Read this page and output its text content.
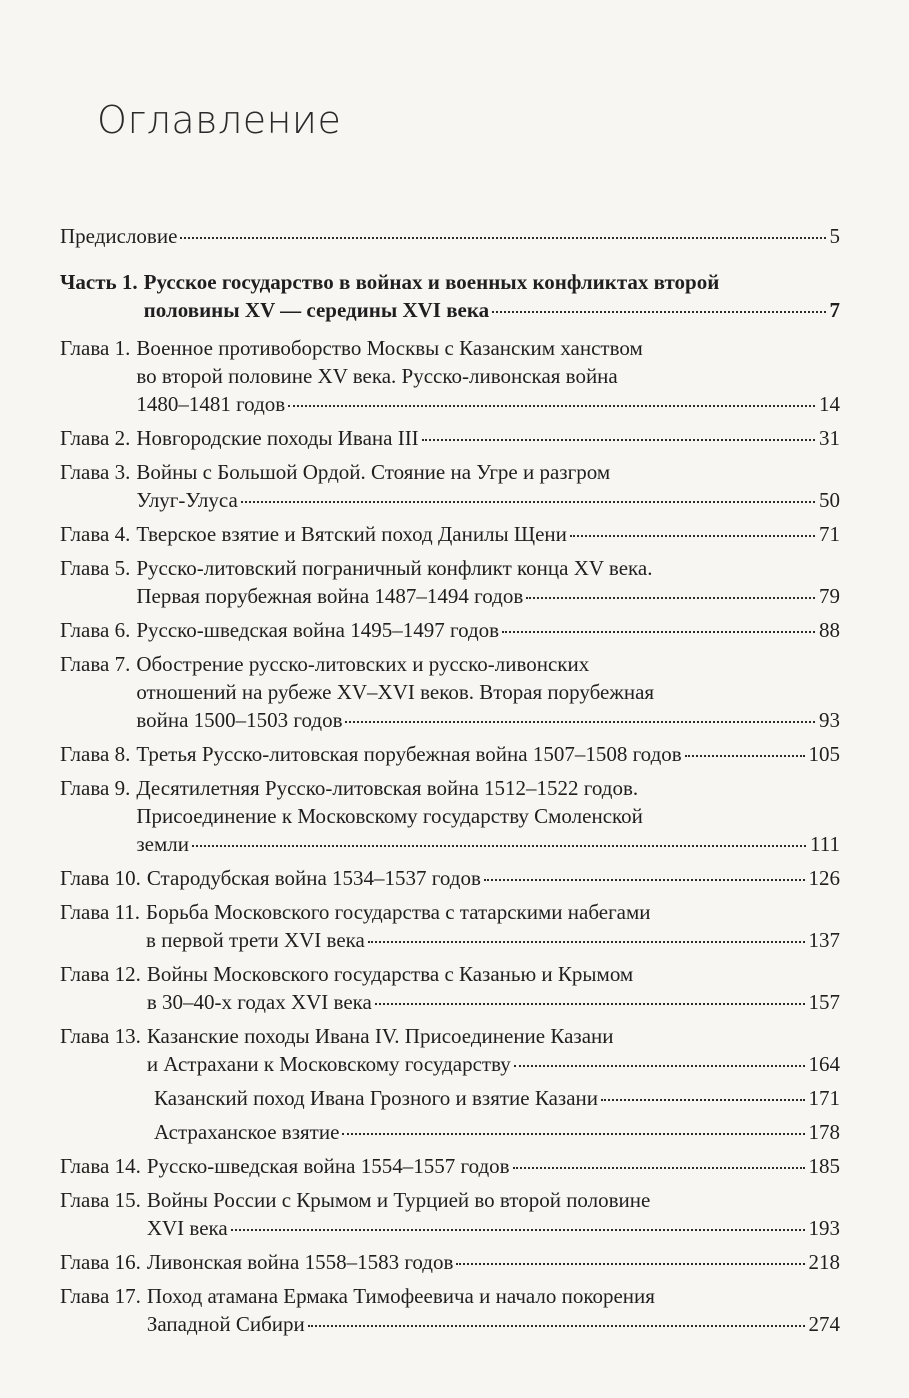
Оглавление
Предисловие	5
Часть 1. Русское государство в войнах и военных конфликтах второй
половины XV — середины XVI века	7
Глава 1. Военное противоборство Москвы с Казанским ханством
во второй половине XV века. Русско-ливонская война
1480–1481 годов	14
Глава 2. Новгородские походы Ивана III	31
Глава 3. Войны с Большой Ордой. Стояние на Угре и разгром
Улуг-Улуса	50
Глава 4. Тверское взятие и Вятский поход Данилы Щени	71
Глава 5. Русско-литовский пограничный конфликт конца XV века.
Первая порубежная война 1487–1494 годов	79
Глава 6. Русско-шведская война 1495–1497 годов	88
Глава 7. Обострение русско-литовских и русско-ливонских
отношений на рубеже XV–XVI веков. Вторая порубежная
война 1500–1503 годов	93
Глава 8. Третья Русско-литовская порубежная война 1507–1508 годов	105
Глава 9. Десятилетняя Русско-литовская война 1512–1522 годов.
Присоединение к Московскому государству Смоленской
земли	111
Глава 10. Стародубская война 1534–1537 годов	126
Глава 11. Борьба Московского государства с татарскими набегами
в первой трети XVI века	137
Глава 12. Войны Московского государства с Казанью и Крымом
в 30–40-х годах XVI века	157
Глава 13. Казанские походы Ивана IV. Присоединение Казани
и Астрахани к Московскому государству	164
Казанский поход Ивана Грозного и взятие Казани	171
Астраханское взятие	178
Глава 14. Русско-шведская война 1554–1557 годов	185
Глава 15. Войны России с Крымом и Турцией во второй половине
XVI века	193
Глава 16. Ливонская война 1558–1583 годов	218
Глава 17. Поход атамана Ермака Тимофеевича и начало покорения
Западной Сибири	274
